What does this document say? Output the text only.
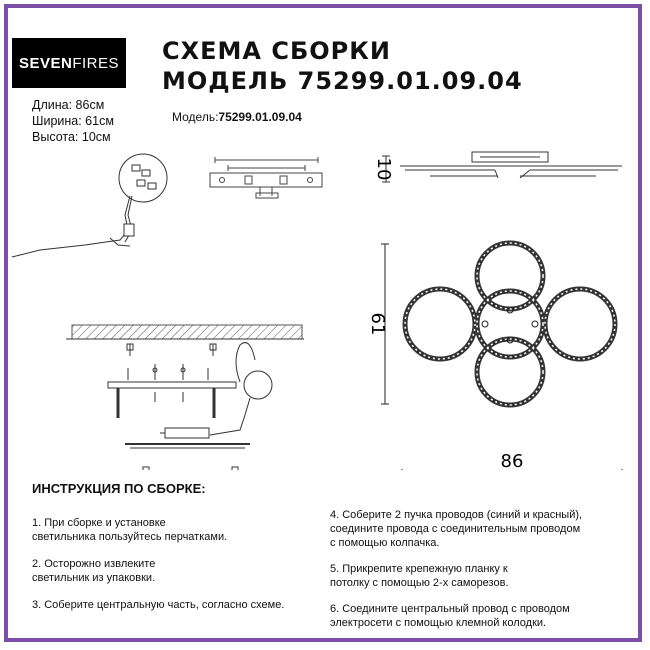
SEVEN FIRES СХЕМА СБОРКИ
МОДЕЛЬ 75299.01.09.04
Длина: 86см
Ширина: 61см
Высота: 10см
Модель:75299.01.09.04
10
61
86
ИНСТРУКЦИЯ ПО СБОРКЕ:
1. При сборке и установке
светильника пользуйтесь перчатками.
2. Осторожно извлеките
светильник из упаковки.
3. Соберите центральную часть, согласно схеме.
4. Соберите 2 пучка проводов (синий и красный),
соедините провода с соединительным проводом
с помощью колпачка.
5. Прикрепите крепежную планку к
потолку с помощью 2-х саморезов.
6. Соедините центральный провод с проводом
электросети с помощью клемной колодки.
